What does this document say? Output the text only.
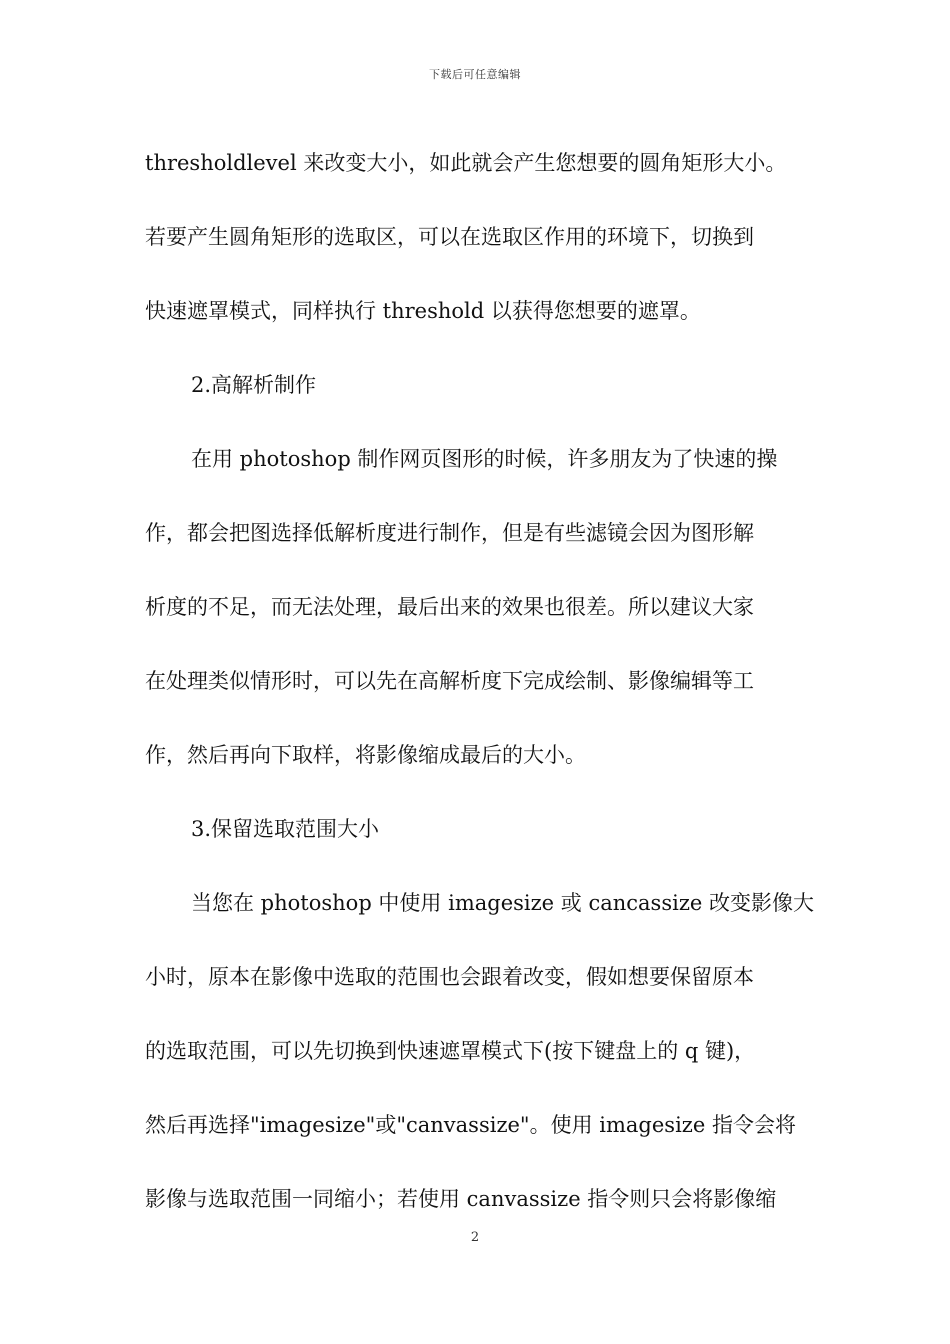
下载后可任意编辑
thresholdlevel 来改变大小，如此就会产生您想要的圆角矩形大小。
若要产生圆角矩形的选取区，可以在选取区作用的环境下，切换到
快速遮罩模式，同样执行 threshold 以获得您想要的遮罩。
2.高解析制作
在用 photoshop 制作网页图形的时候，许多朋友为了快速的操
作，都会把图选择低解析度进行制作，但是有些滤镜会因为图形解
析度的不足，而无法处理，最后出来的效果也很差。所以建议大家
在处理类似情形时，可以先在高解析度下完成绘制、影像编辑等工
作，然后再向下取样，将影像缩成最后的大小。
3.保留选取范围大小
当您在 photoshop 中使用 imagesize 或 cancassize 改变影像大
小时，原本在影像中选取的范围也会跟着改变，假如想要保留原本
的选取范围，可以先切换到快速遮罩模式下(按下键盘上的 q 键)，
然后再选择"imagesize"或"canvassize"。使用 imagesize 指令会将
影像与选取范围一同缩小；若使用 canvassize 指令则只会将影像缩
2
